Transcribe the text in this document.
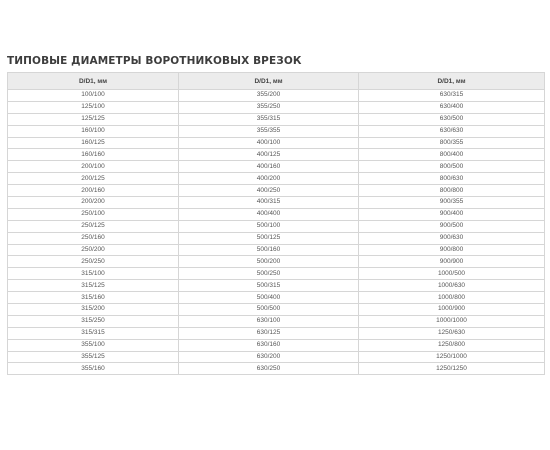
ТИПОВЫЕ ДИАМЕТРЫ ВОРОТНИКОВЫХ ВРЕЗОК
D/D1, мм	D/D1, мм	D/D1, мм
100/100	355/200	630/315
125/100	355/250	630/400
125/125	355/315	630/500
160/100	355/355	630/630
160/125	400/100	800/355
160/160	400/125	800/400
200/100	400/160	800/500
200/125	400/200	800/630
200/160	400/250	800/800
200/200	400/315	900/355
250/100	400/400	900/400
250/125	500/100	900/500
250/160	500/125	900/630
250/200	500/160	900/800
250/250	500/200	900/900
315/100	500/250	1000/500
315/125	500/315	1000/630
315/160	500/400	1000/800
315/200	500/500	1000/900
315/250	630/100	1000/1000
315/315	630/125	1250/630
355/100	630/160	1250/800
355/125	630/200	1250/1000
355/160	630/250	1250/1250
